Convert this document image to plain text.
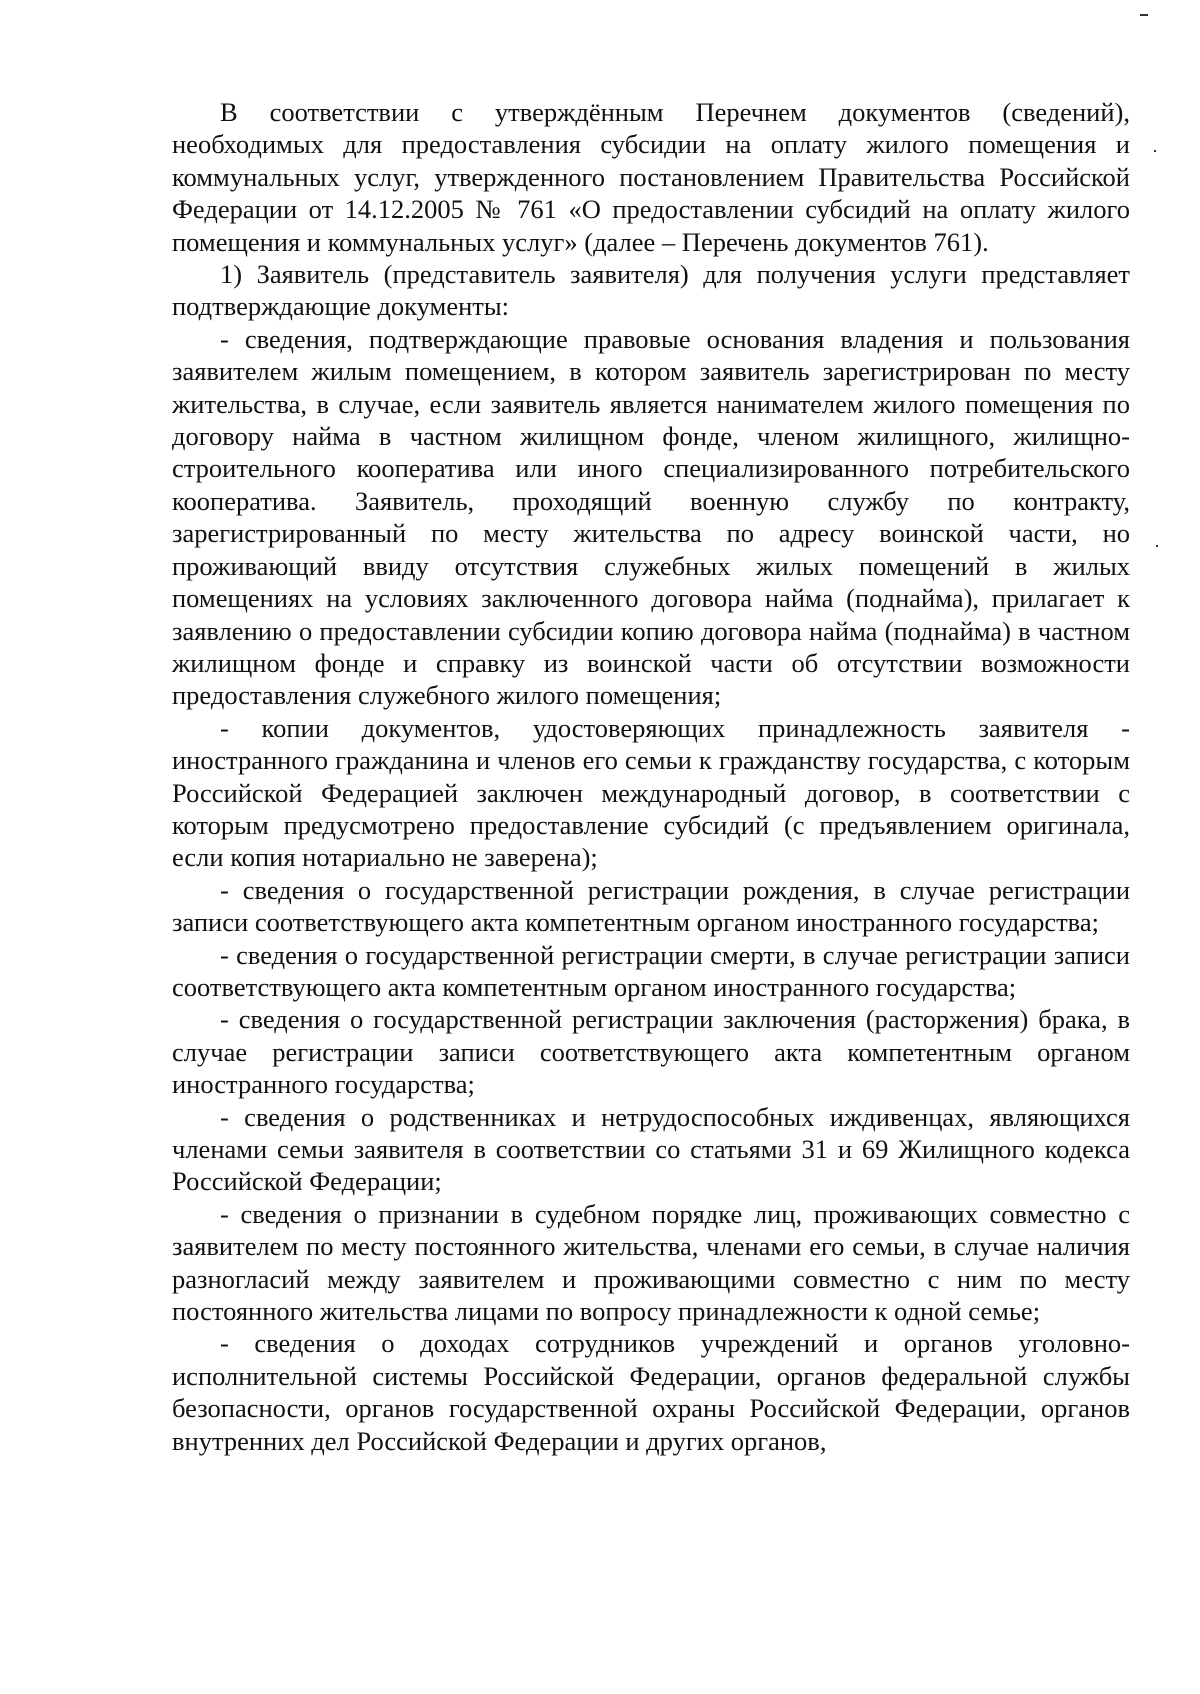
В соответствии с утверждённым Перечнем документов (сведений), необходимых для предоставления субсидии на оплату жилого помещения и коммунальных услуг, утвержденного постановлением Правительства Российской Федерации от 14.12.2005 № 761 «О предоставлении субсидий на оплату жилого помещения и коммунальных услуг» (далее – Перечень документов 761).

1) Заявитель (представитель заявителя) для получения услуги представляет подтверждающие документы:

- сведения, подтверждающие правовые основания владения и пользования заявителем жилым помещением, в котором заявитель зарегистрирован по месту жительства, в случае, если заявитель является нанимателем жилого помещения по договору найма в частном жилищном фонде, членом жилищного, жилищно-строительного кооператива или иного специализированного потребительского кооператива. Заявитель, проходящий военную службу по контракту, зарегистрированный по месту жительства по адресу воинской части, но проживающий ввиду отсутствия служебных жилых помещений в жилых помещениях на условиях заключенного договора найма (поднайма), прилагает к заявлению о предоставлении субсидии копию договора найма (поднайма) в частном жилищном фонде и справку из воинской части об отсутствии возможности предоставления служебного жилого помещения;

- копии документов, удостоверяющих принадлежность заявителя - иностранного гражданина и членов его семьи к гражданству государства, с которым Российской Федерацией заключен международный договор, в соответствии с которым предусмотрено предоставление субсидий (с предъявлением оригинала, если копия нотариально не заверена);

- сведения о государственной регистрации рождения, в случае регистрации записи соответствующего акта компетентным органом иностранного государства;

- сведения о государственной регистрации смерти, в случае регистрации записи соответствующего акта компетентным органом иностранного государства;

- сведения о государственной регистрации заключения (расторжения) брака, в случае регистрации записи соответствующего акта компетентным органом иностранного государства;

- сведения о родственниках и нетрудоспособных иждивенцах, являющихся членами семьи заявителя в соответствии со статьями 31 и 69 Жилищного кодекса Российской Федерации;

- сведения о признании в судебном порядке лиц, проживающих совместно с заявителем по месту постоянного жительства, членами его семьи, в случае наличия разногласий между заявителем и проживающими совместно с ним по месту постоянного жительства лицами по вопросу принадлежности к одной семье;

- сведения о доходах сотрудников учреждений и органов уголовно-исполнительной системы Российской Федерации, органов федеральной службы безопасности, органов государственной охраны Российской Федерации, органов внутренних дел Российской Федерации и других органов,
